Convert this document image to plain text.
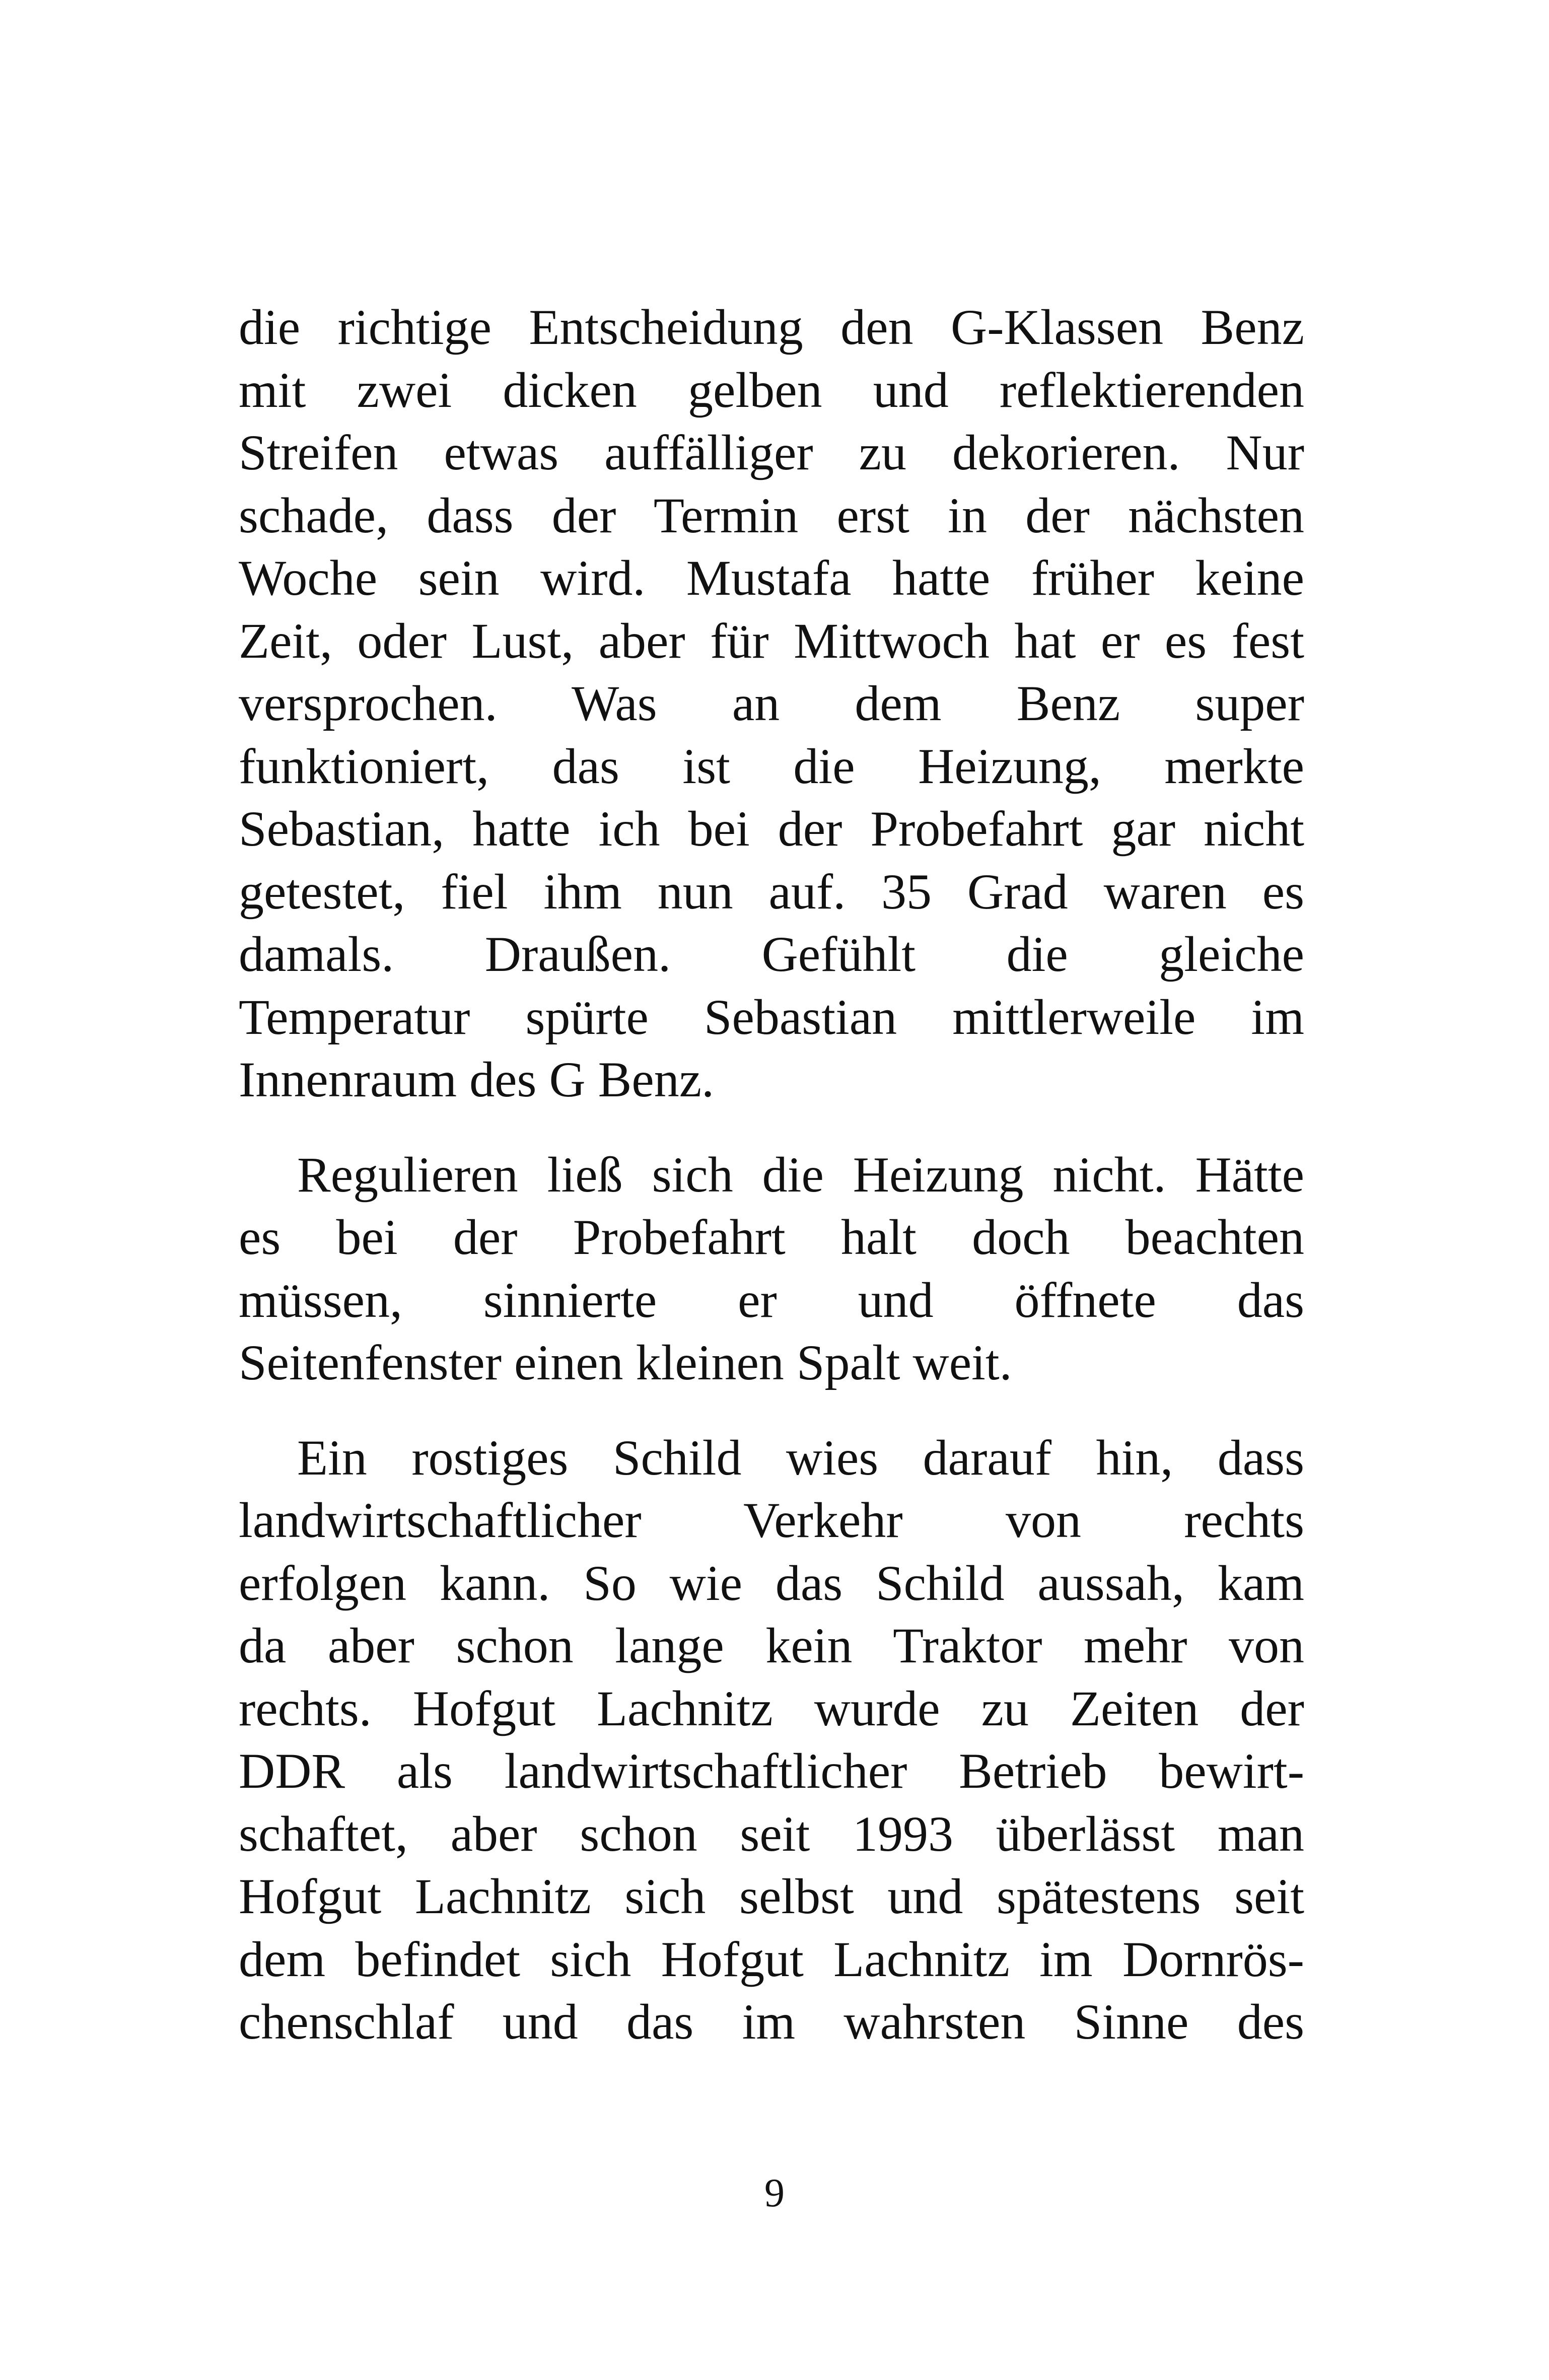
die richtige Entscheidung den G-Klassen Benz
mit zwei dicken gelben und reflektierenden
Streifen etwas auffälliger zu dekorieren. Nur
schade, dass der Termin erst in der nächsten
Woche sein wird. Mustafa hatte früher keine
Zeit, oder Lust, aber für Mittwoch hat er es fest
versprochen. Was an dem Benz super
funktioniert, das ist die Heizung, merkte
Sebastian, hatte ich bei der Probefahrt gar nicht
getestet, fiel ihm nun auf. 35 Grad waren es
damals. Draußen. Gefühlt die gleiche
Temperatur spürte Sebastian mittlerweile im
Innenraum des G Benz.
Regulieren ließ sich die Heizung nicht. Hätte
es bei der Probefahrt halt doch beachten
müssen, sinnierte er und öffnete das
Seitenfenster einen kleinen Spalt weit.
Ein rostiges Schild wies darauf hin, dass
landwirtschaftlicher Verkehr von rechts
erfolgen kann. So wie das Schild aussah, kam
da aber schon lange kein Traktor mehr von
rechts. Hofgut Lachnitz wurde zu Zeiten der
DDR als landwirtschaftlicher Betrieb bewirt-
schaftet, aber schon seit 1993 überlässt man
Hofgut Lachnitz sich selbst und spätestens seit
dem befindet sich Hofgut Lachnitz im Dornrös-
chenschlaf und das im wahrsten Sinne des
9
